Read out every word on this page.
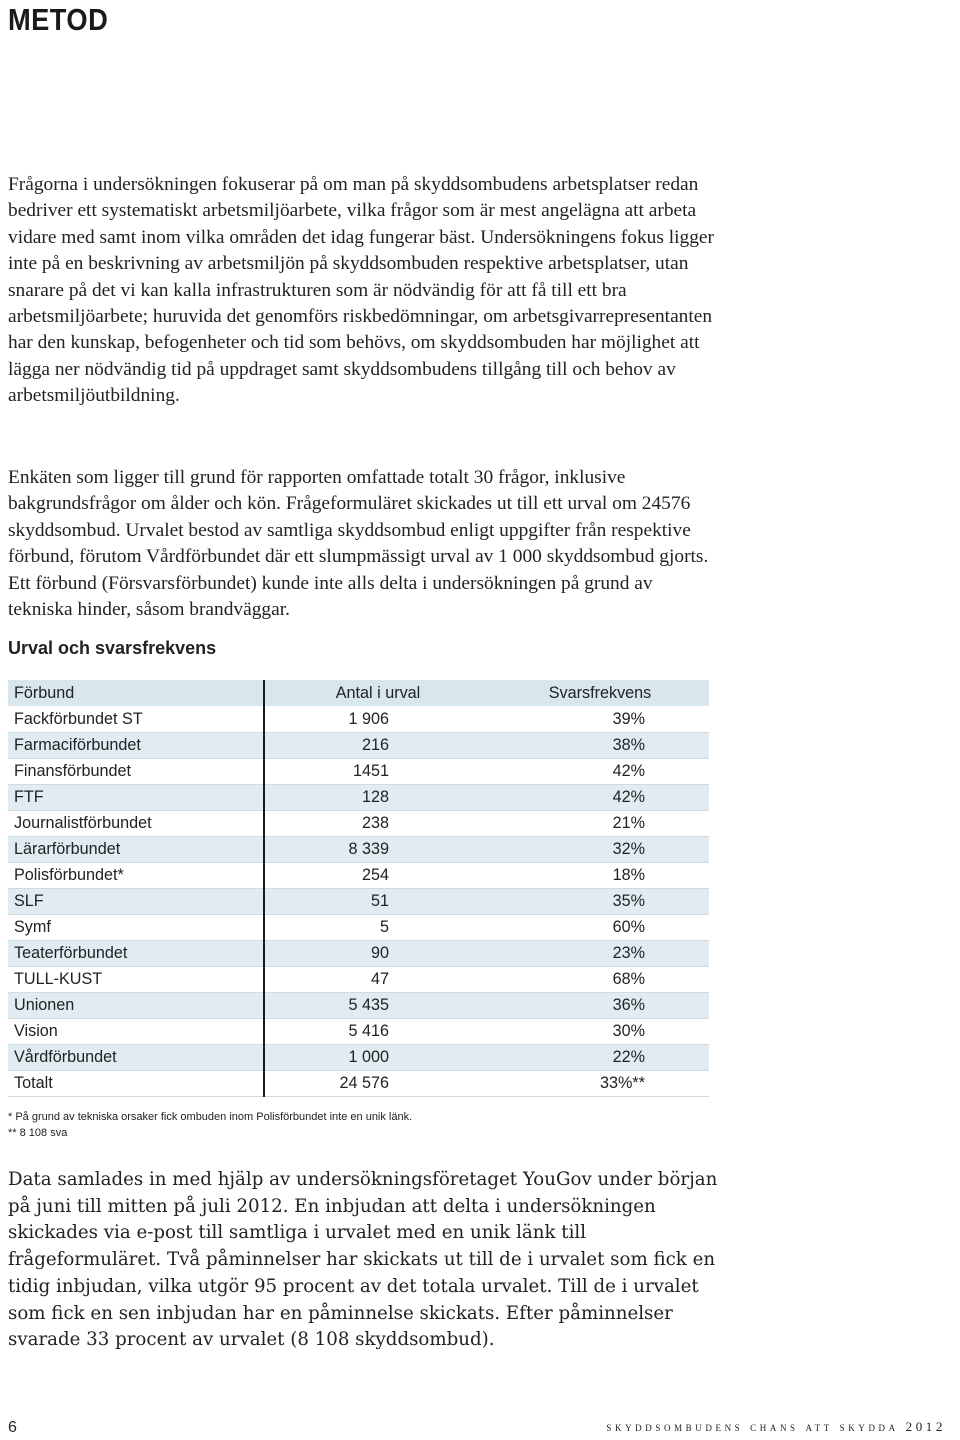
METOD

Frågorna i undersökningen fokuserar på om man på skyddsombudens arbetsplatser redan bedriver ett systematiskt arbetsmiljöarbete, vilka frågor som är mest angelägna att arbeta vidare med samt inom vilka områden det idag fungerar bäst. Undersökningens fokus ligger inte på en beskrivning av arbetsmiljön på skyddsombuden respektive arbetsplatser, utan snarare på det vi kan kalla infrastrukturen som är nödvändig för att få till ett bra arbetsmiljöarbete; huruvida det genomförs riskbedömningar, om arbetsgivarrepresentanten har den kunskap, befogenheter och tid som behövs, om skyddsombuden har möjlighet att lägga ner nödvändig tid på uppdraget samt skyddsombudens tillgång till och behov av arbetsmiljöutbildning.

Enkäten som ligger till grund för rapporten omfattade totalt 30 frågor, inklusive bakgrundsfrågor om ålder och kön. Frågeformuläret skickades ut till ett urval om 24576 skyddsombud. Urvalet bestod av samtliga skyddsombud enligt uppgifter från respektive förbund, förutom Vårdförbundet där ett slumpmässigt urval av 1 000 skyddsombud gjorts. Ett förbund (Försvarsförbundet) kunde inte alls delta i undersökningen på grund av tekniska hinder, såsom brandväggar.

Urval och svarsfrekvens
Förbund	Antal i urval	Svarsfrekvens
Fackförbundet ST	1 906	39%
Farmaciförbundet	216	38%
Finansförbundet	1451	42%
FTF	128	42%
Journalistförbundet	238	21%
Lärarförbundet	8 339	32%
Polisförbundet*	254	18%
SLF	51	35%
Symf	5	60%
Teaterförbundet	90	23%
TULL-KUST	47	68%
Unionen	5 435	36%
Vision	5 416	30%
Vårdförbundet	1 000	22%
Totalt	24 576	33%**

* På grund av tekniska orsaker fick ombuden inom Polisförbundet inte en unik länk.

** 8 108 sva

Data samlades in med hjälp av undersökningsföretaget YouGov under början på juni till mitten på juli 2012. En inbjudan att delta i undersökningen skickades via e-post till samtliga i urvalet med en unik länk till frågeformuläret. Två påminnelser har skickats ut till de i urvalet som fick en tidig inbjudan, vilka utgör 95 procent av det totala urvalet. Till de i urvalet som fick en sen inbjudan har en påminnelse skickats. Efter påminnelser svarade 33 procent av urvalet (8 108 skyddsombud).

6	skyddsombudens chans att skydda 2012
